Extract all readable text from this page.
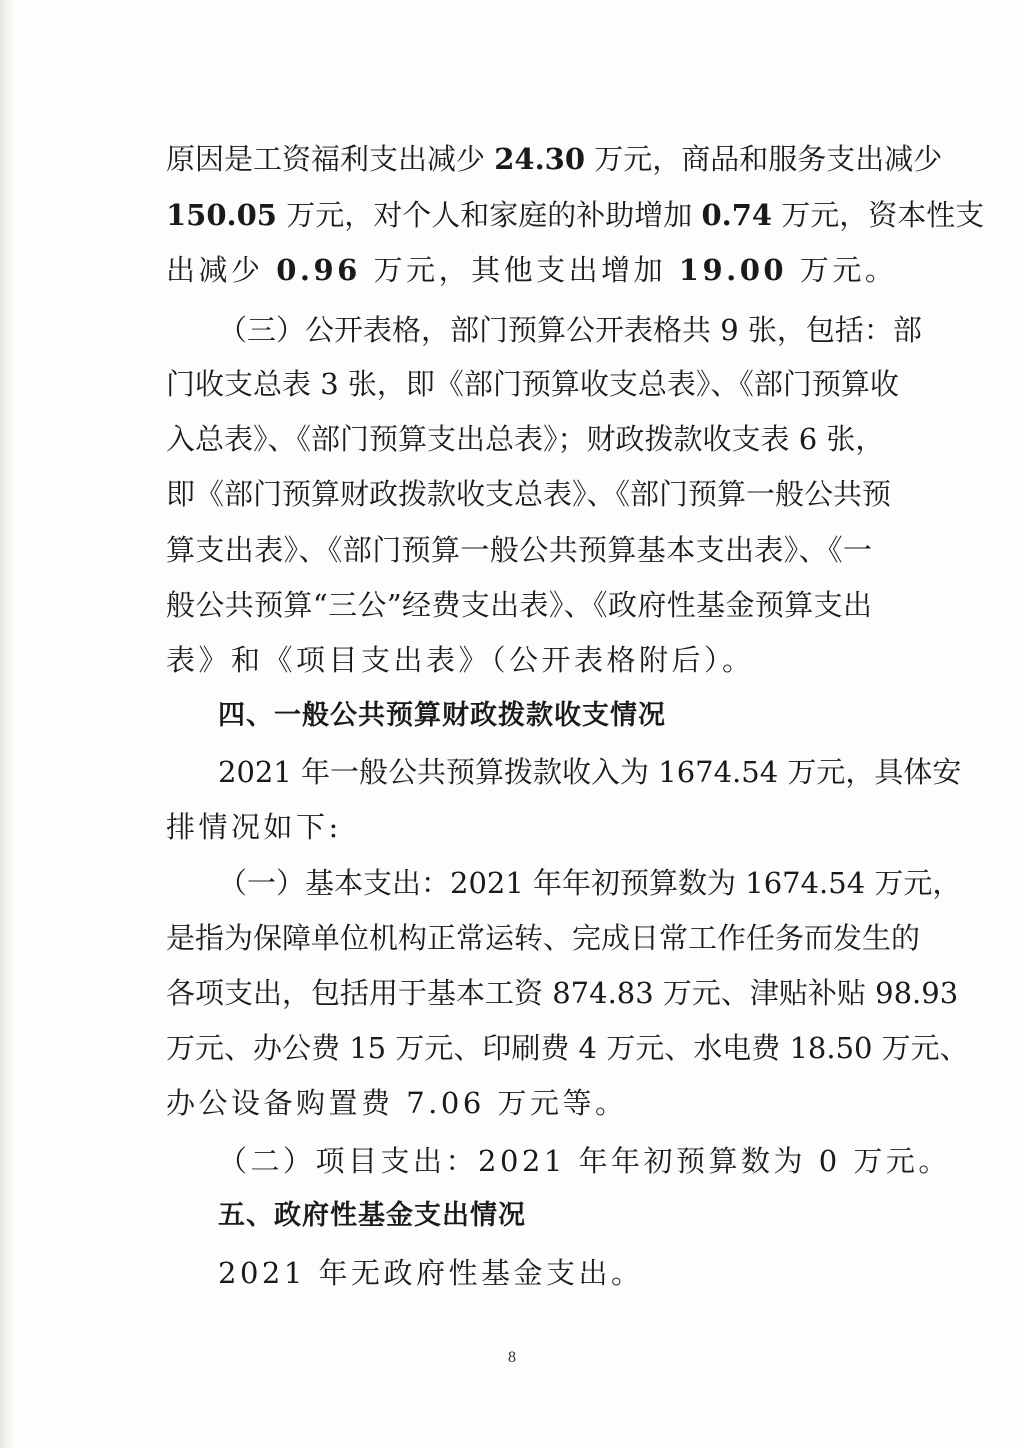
原因是工资福利支出减少 24.30 万元，商品和服务支出减少
150.05 万元，对个人和家庭的补助增加 0.74 万元，资本性支
出减少 0.96 万元，其他支出增加 19.00 万元。
（三）公开表格，部门预算公开表格共 9 张，包括：部
门收支总表 3 张，即《部门预算收支总表》、《部门预算收
入总表》、《部门预算支出总表》；财政拨款收支表 6 张，
即《部门预算财政拨款收支总表》、《部门预算一般公共预
算支出表》、《部门预算一般公共预算基本支出表》、《一
般公共预算“三公”经费支出表》、《政府性基金预算支出
表》和《项目支出表》（公开表格附后）。
四、一般公共预算财政拨款收支情况
2021 年一般公共预算拨款收入为 1674.54 万元，具体安
排情况如下:
（一）基本支出：2021 年年初预算数为 1674.54 万元，
是指为保障单位机构正常运转、完成日常工作任务而发生的
各项支出，包括用于基本工资 874.83 万元、津贴补贴 98.93
万元、办公费 15 万元、印刷费 4 万元、水电费 18.50 万元、
办公设备购置费 7.06 万元等。
（二）项目支出：2021 年年初预算数为 0 万元。
五、政府性基金支出情况
2021 年无政府性基金支出。
8
